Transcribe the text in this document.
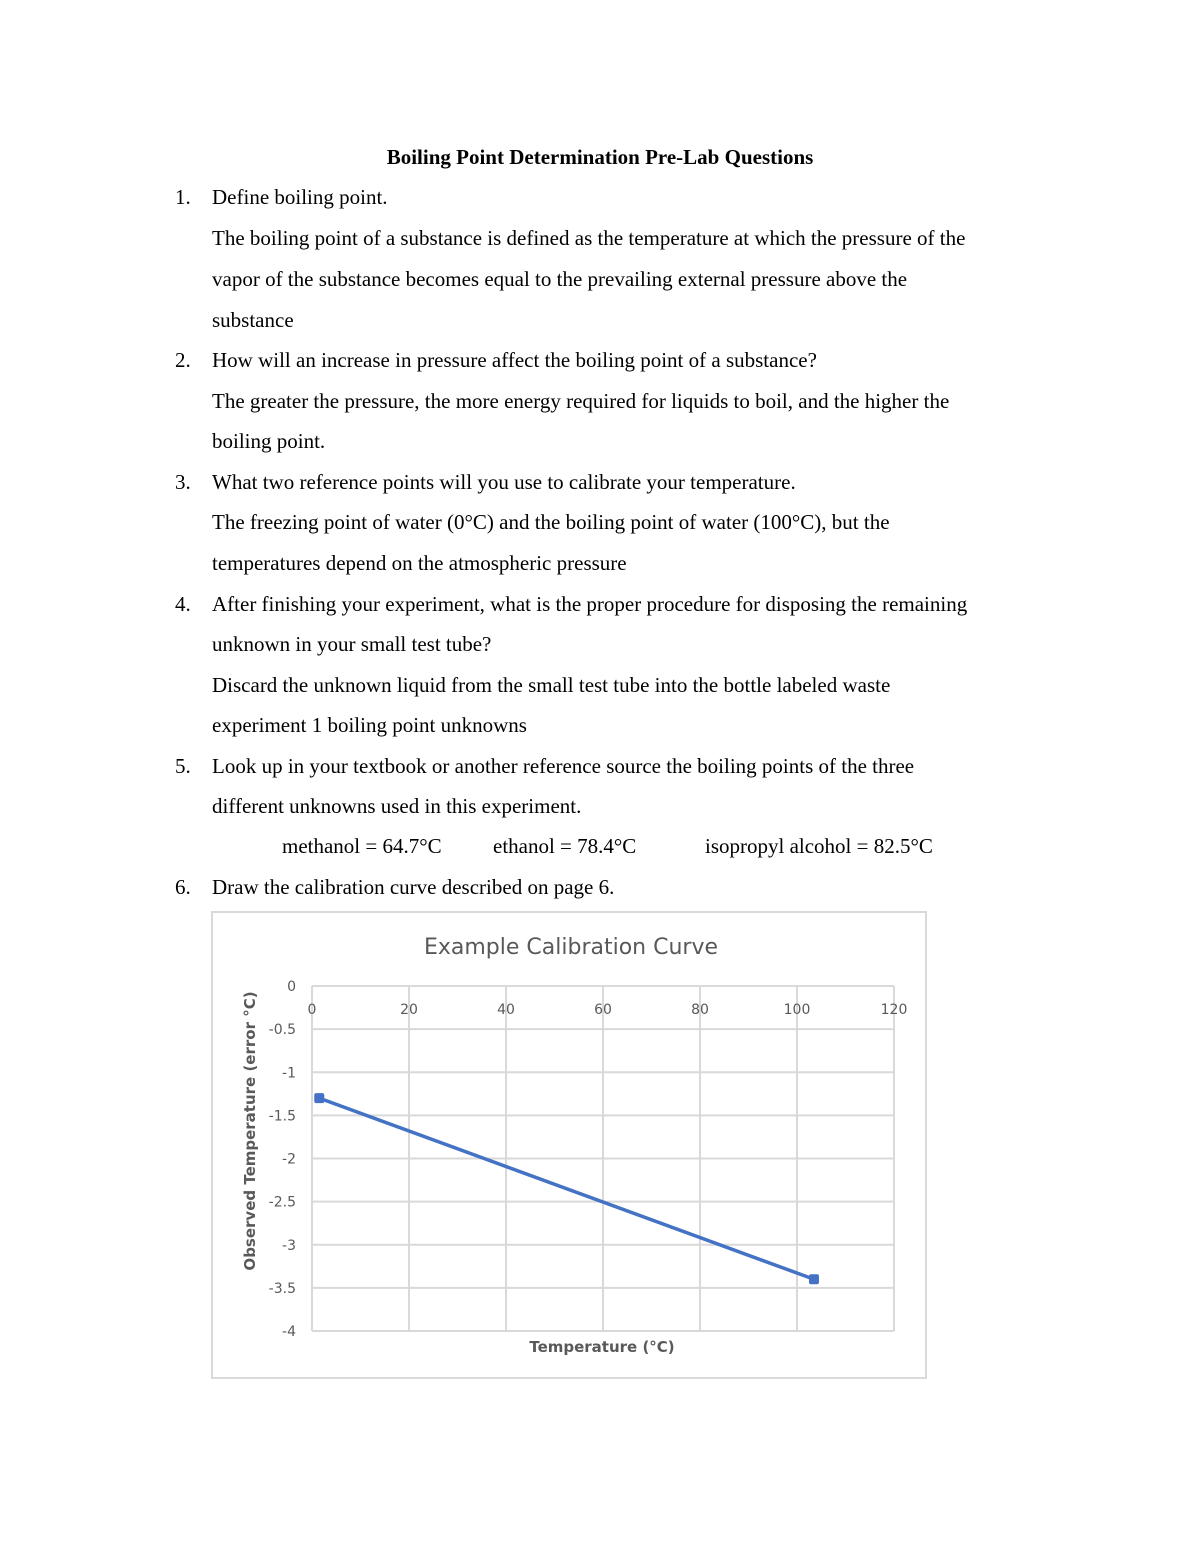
Boiling Point Determination Pre-Lab Questions
1. Define boiling point.
The boiling point of a substance is defined as the temperature at which the pressure of the
vapor of the substance becomes equal to the prevailing external pressure above the
substance
2. How will an increase in pressure affect the boiling point of a substance?
The greater the pressure, the more energy required for liquids to boil, and the higher the
boiling point.
3. What two reference points will you use to calibrate your temperature.
The freezing point of water (0°C) and the boiling point of water (100°C), but the
temperatures depend on the atmospheric pressure
4. After finishing your experiment, what is the proper procedure for disposing the remaining
unknown in your small test tube?
Discard the unknown liquid from the small test tube into the bottle labeled waste
experiment 1 boiling point unknowns
5. Look up in your textbook or another reference source the boiling points of the three
different unknowns used in this experiment.
methanol = 64.7°C ethanol = 78.4°C	isopropyl alcohol = 82.5°C
6. Draw the calibration curve described on page 6.
Example Calibration Curve
0
-0.5
-1
-1.5
-2
-2.5
-3
-3.5
-4
0	20	40	60	80	100	120
Temperature (°C)
Observed Temperature (error °C)
